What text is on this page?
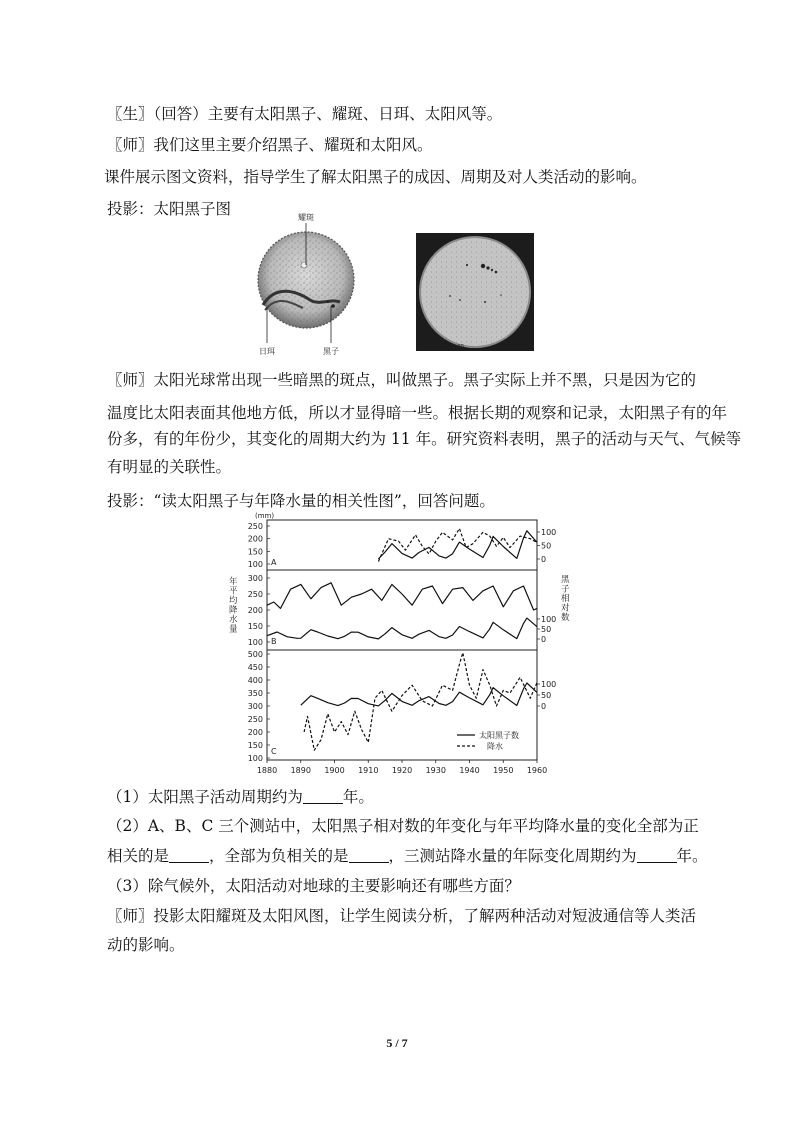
〖生〗（回答）主要有太阳黑子、耀斑、日珥、太阳风等。
〖师〗我们这里主要介绍黑子、耀斑和太阳风。
课件展示图文资料，指导学生了解太阳黑子的成因、周期及对人类活动的影响。
投影：太阳黑子图	耀斑
日珥	黑子	2001/03/29 09:30
〖师〗太阳光球常出现一些暗黑的斑点，叫做黑子。黑子实际上并不黑，只是因为它的
温度比太阳表面其他地方低，所以才显得暗一些。根据长期的观察和记录，太阳黑子有的年
份多，有的年份少，其变化的周期大约为 11 年。研究资料表明，黑子的活动与天气、气候等
有明显的关联性。
投影：“读太阳黑子与年降水量的相关性图”，回答问题。
(mm)
年
平
均
降
水
量
黑
子
相
对
数
A
B
C
太阳黑子数
降水
1880 1890 1900 1910 1920 1930 1940 1950 1960
250
200
150
100
300
250
200
150
100
500
450
400
350
300
250
200
150
100
100
50
0
100
50
0
100
50
0
（1）太阳黑子活动周期约为	年。
（2）A、B、C 三个测站中，太阳黑子相对数的年变化与年平均降水量的变化全部为正
相关的是	，全部为负相关的是	，三测站降水量的年际变化周期约为	年。
（3）除气候外，太阳活动对地球的主要影响还有哪些方面？
〖师〗投影太阳耀斑及太阳风图，让学生阅读分析，了解两种活动对短波通信等人类活
动的影响。
5 / 7
